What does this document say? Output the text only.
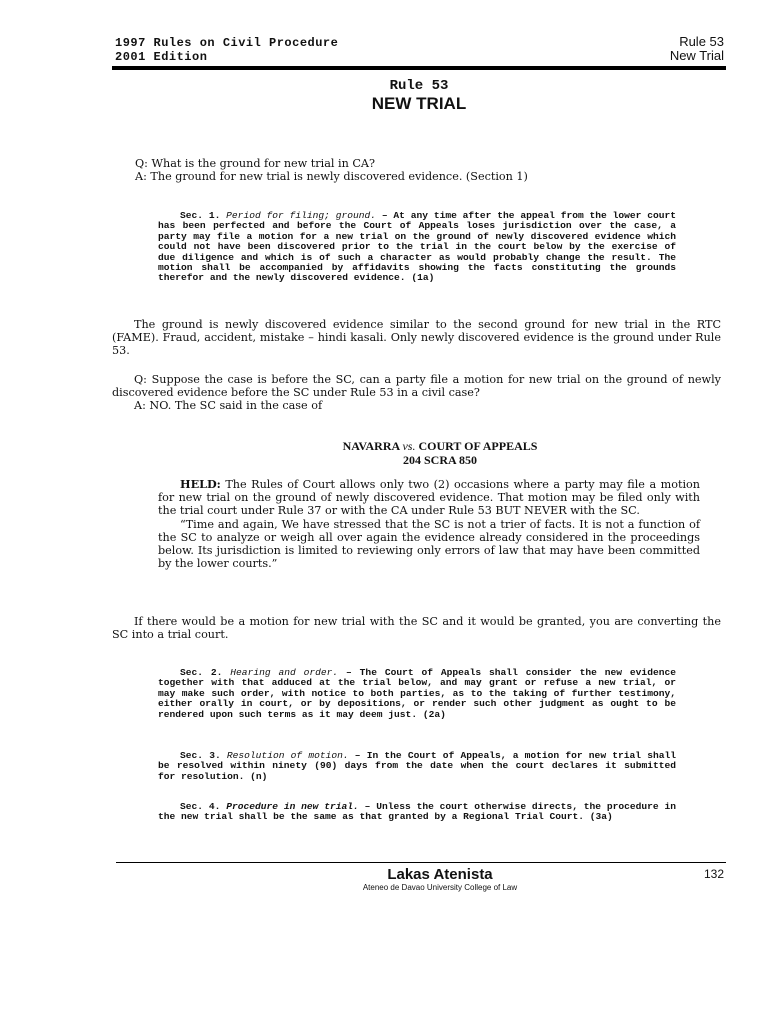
1997 Rules on Civil Procedure
2001 Edition
Rule 53
New Trial
Rule 53
NEW TRIAL
Q: What is the ground for new trial in CA?
A: The ground for new trial is newly discovered evidence. (Section 1)
Sec. 1. Period for filing; ground. – At any time after the appeal from the lower court has been perfected and before the Court of Appeals loses jurisdiction over the case, a party may file a motion for a new trial on the ground of newly discovered evidence which could not have been discovered prior to the trial in the court below by the exercise of due diligence and which is of such a character as would probably change the result. The motion shall be accompanied by affidavits showing the facts constituting the grounds therefor and the newly discovered evidence. (1a)
The ground is newly discovered evidence similar to the second ground for new trial in the RTC (FAME). Fraud, accident, mistake – hindi kasali. Only newly discovered evidence is the ground under Rule 53.
Q: Suppose the case is before the SC, can a party file a motion for new trial on the ground of newly discovered evidence before the SC under Rule 53 in a civil case?
A: NO. The SC said in the case of
NAVARRA vs. COURT OF APPEALS
204 SCRA 850
HELD: The Rules of Court allows only two (2) occasions where a party may file a motion for new trial on the ground of newly discovered evidence. That motion may be filed only with the trial court under Rule 37 or with the CA under Rule 53 BUT NEVER with the SC.
“Time and again, We have stressed that the SC is not a trier of facts. It is not a function of the SC to analyze or weigh all over again the evidence already considered in the proceedings below. Its jurisdiction is limited to reviewing only errors of law that may have been committed by the lower courts.”
If there would be a motion for new trial with the SC and it would be granted, you are converting the SC into a trial court.
Sec. 2. Hearing and order. – The Court of Appeals shall consider the new evidence together with that adduced at the trial below, and may grant or refuse a new trial, or may make such order, with notice to both parties, as to the taking of further testimony, either orally in court, or by depositions, or render such other judgment as ought to be rendered upon such terms as it may deem just. (2a)
Sec. 3. Resolution of motion. – In the Court of Appeals, a motion for new trial shall be resolved within ninety (90) days from the date when the court declares it submitted for resolution. (n)
Sec. 4. Procedure in new trial. – Unless the court otherwise directs, the procedure in the new trial shall be the same as that granted by a Regional Trial Court. (3a)
Lakas Atenista
Ateneo de Davao University College of Law
132
